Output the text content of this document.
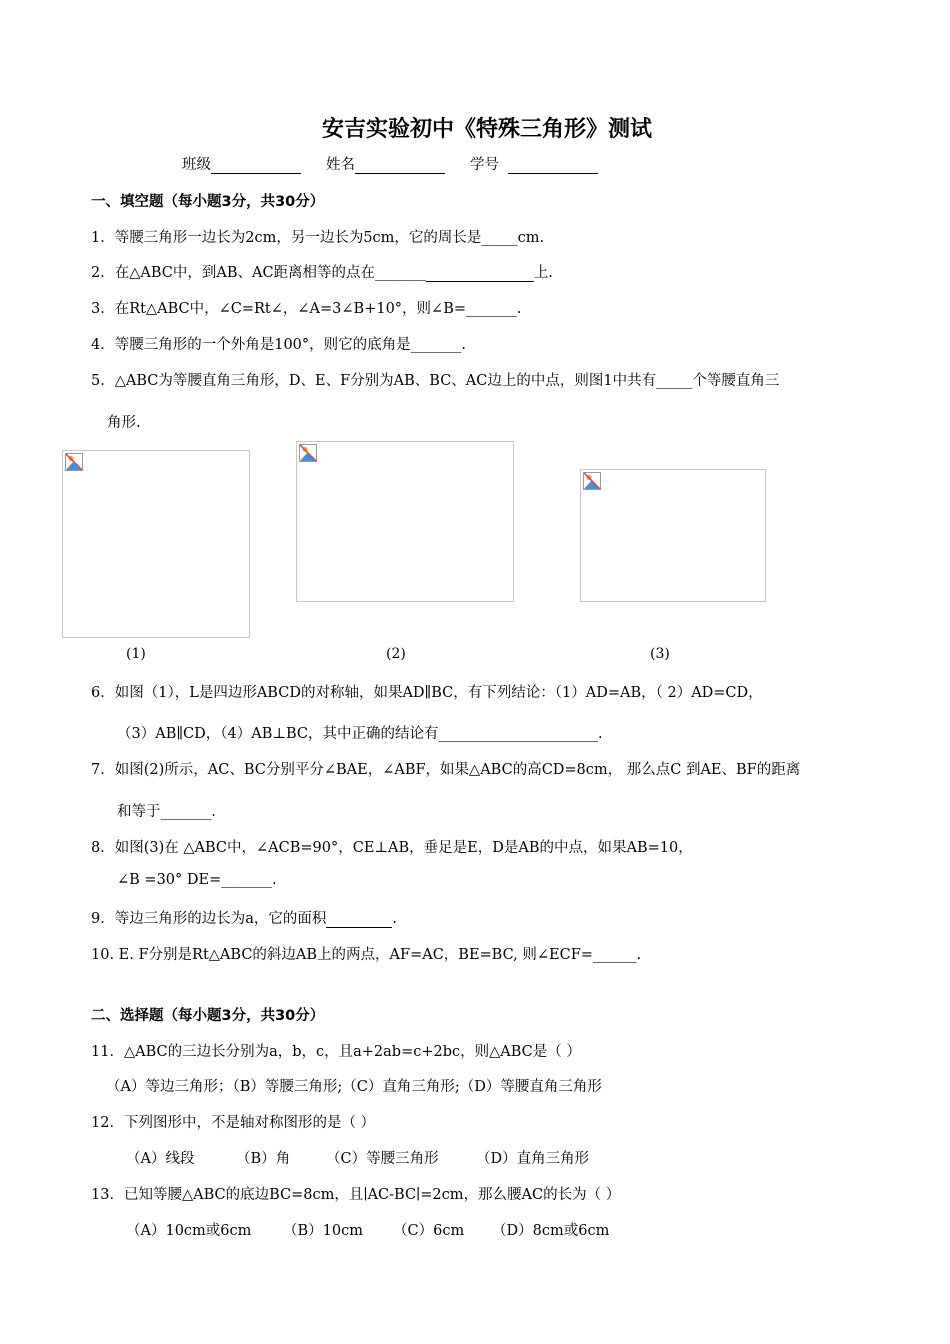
安吉实验初中《特殊三角形》测试
班级	姓名	学号
一、填空题（每小题3分，共30分）
1．等腰三角形一边长为2cm，另一边长为5cm，它的周长是_____cm.
2．在△ABC中，到AB、AC距离相等的点在_______	上.
3．在Rt△ABC中，∠C=Rt∠，∠A=3∠B+10°，则∠B=_______.
4．等腰三角形的一个外角是100°，则它的底角是_______.
5．△ABC为等腰直角三角形，D、E、F分别为AB、BC、AC边上的中点，则图1中共有_____个等腰直角三
角形.
(1)	(2)	(3)
6．如图（1），L是四边形ABCD的对称轴，如果AD∥BC，有下列结论：（1）AD=AB，（ 2）AD=CD，
（3）AB∥CD，（4）AB⊥BC，其中正确的结论有______________________.
7．如图(2)所示，AC、BC分别平分∠BAE，∠ABF，如果△ABC的高CD=8cm， 那么点C 到AE、BF的距离
和等于_______.
8．如图(3)在 △ABC中，∠ACB=90°，CE⊥AB，垂足是E，D是AB的中点，如果AB=10，
∠B =30° DE=_______.
9．等边三角形的边长为a，它的面积	.
10. E. F分别是Rt△ABC的斜边AB上的两点，AF=AC，BE=BC, 则∠ECF=______.
二、选择题（每小题3分，共30分）
11．△ABC的三边长分别为a，b，c，且a+2ab=c+2bc，则△ABC是（ ）
（A）等边三角形；（B）等腰三角形;（C）直角三角形;（D）等腰直角三角形
12．下列图形中，不是轴对称图形的是（ ）
（A）线段	（B）角 （C）等腰三角形	（D）直角三角形
13．已知等腰△ABC的底边BC=8cm，且∣AC-BC∣=2cm，那么腰AC的长为（ ）
（A）10cm或6cm （B）10cm （C）6cm （D）8cm或6cm
